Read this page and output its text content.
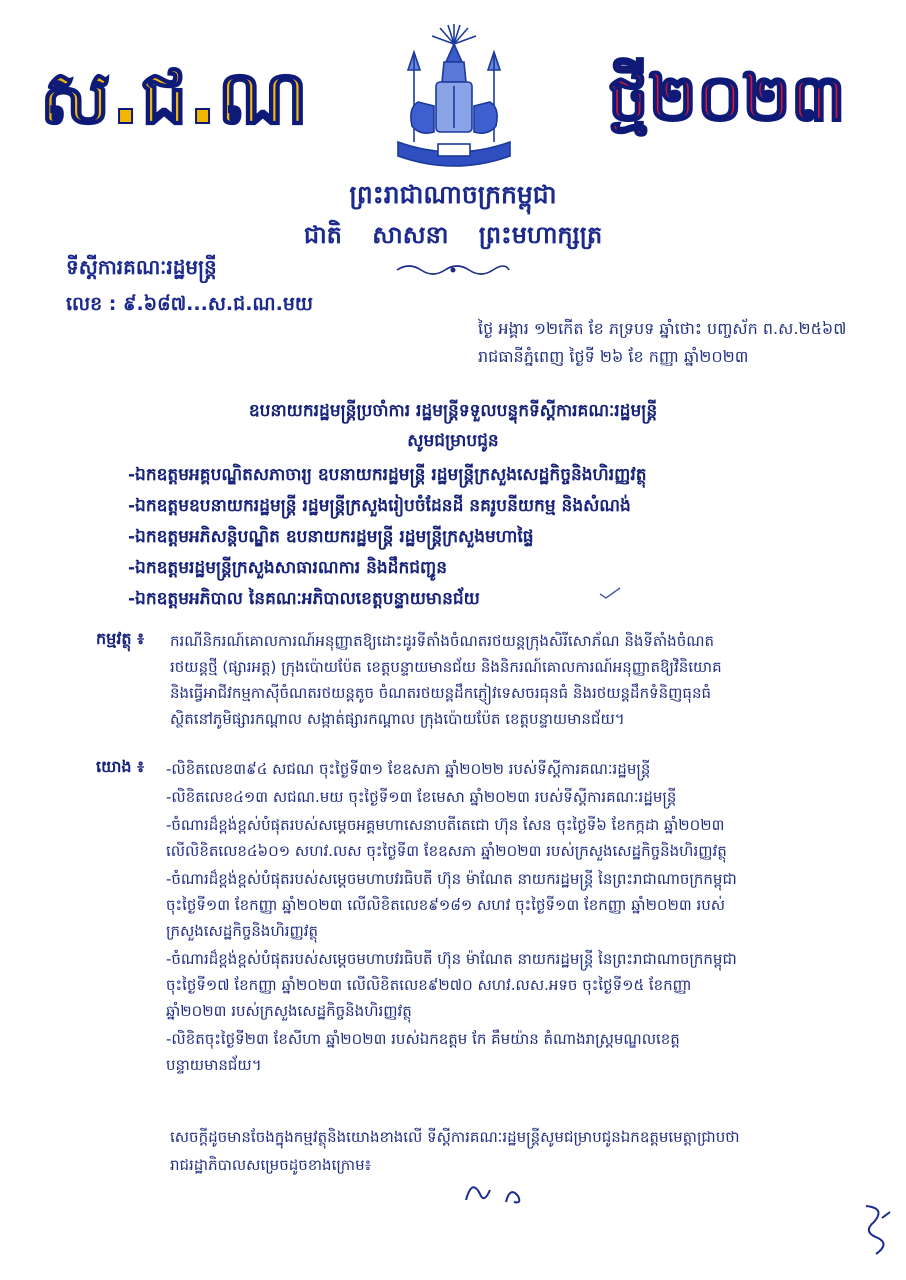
ស.ជ.ណ	ថ្មី២០២៣
ព្រះរាជាណាចក្រកម្ពុជា
ជាតិ សាសនា ព្រះមហាក្សត្រ
ទីស្តីការគណៈរដ្ឋមន្ត្រី
លេខ : ៩.៦៨៧...ស.ជ.ណ.មយ
ថ្ងៃ អង្គារ ១២កើត ខែ ភទ្របទ ឆ្នាំថោះ បញ្ចស័ក ព.ស.២៥៦៧
រាជធានីភ្នំពេញ ថ្ងៃទី ២៦ ខែ កញ្ញា ឆ្នាំ២០២៣
ឧបនាយករដ្ឋមន្ត្រីប្រចាំការ រដ្ឋមន្ត្រីទទួលបន្ទុកទីស្តីការគណៈរដ្ឋមន្ត្រី
សូមជម្រាបជូន
-ឯកឧត្តមអគ្គបណ្ឌិតសភាចារ្យ ឧបនាយករដ្ឋមន្ត្រី រដ្ឋមន្ត្រីក្រសួងសេដ្ឋកិច្ចនិងហិរញ្ញវត្ថុ
-ឯកឧត្តមឧបនាយករដ្ឋមន្ត្រី រដ្ឋមន្ត្រីក្រសួងរៀបចំដែនដី នគរូបនីយកម្ម និងសំណង់
-ឯកឧត្តមអភិសន្តិបណ្ឌិត ឧបនាយករដ្ឋមន្ត្រី រដ្ឋមន្ត្រីក្រសួងមហាផ្ទៃ
-ឯកឧត្តមរដ្ឋមន្ត្រីក្រសួងសាធារណការ និងដឹកជញ្ជូន
-ឯកឧត្តមអភិបាល នៃគណៈអភិបាលខេត្តបន្ទាយមានជ័យ
កម្មវត្ថុ ៖ ករណីនិករណ៍គោលការណ៍អនុញ្ញាតឱ្យដោះដូរទីតាំងចំណតរថយន្តក្រុងសិរីសោភ័ណ និងទីតាំងចំណត
រថយន្តថ្មី (ផ្សារអត្ត) ក្រុងប៉ោយប៉ែត ខេត្តបន្ទាយមានជ័យ និងនិករណ៍គោលការណ៍អនុញ្ញាតឱ្យវិនិយោគ
និងធ្វើអាជីវកម្មកាស៊ីចំណតរថយន្តតូច ចំណតរថយន្តដឹកភ្ញៀវទេសចរធុនធំ និងរថយន្តដឹកទំនិញធុនធំ
ស្ថិតនៅភូមិផ្សារកណ្តាល សង្កាត់ផ្សារកណ្តាល ក្រុងប៉ោយប៉ែត ខេត្តបន្ទាយមានជ័យ។
យោង ៖ -លិខិតលេខ៣៩៤ សជណ ចុះថ្ងៃទី៣១ ខែឧសភា ឆ្នាំ២០២២ របស់ទីស្តីការគណៈរដ្ឋមន្ត្រី
-លិខិតលេខ៤១៣ សជណ.មយ ចុះថ្ងៃទី១៣ ខែមេសា ឆ្នាំ២០២៣ របស់ទីស្តីការគណៈរដ្ឋមន្ត្រី
-ចំណារដ៏ខ្ពង់ខ្ពស់បំផុតរបស់សម្តេចអគ្គមហាសេនាបតីតេជោ ហ៊ុន សែន ចុះថ្ងៃទី៦ ខែកក្កដា ឆ្នាំ២០២៣
លើលិខិតលេខ៤៦០១ សហវ.លស ចុះថ្ងៃទី៣ ខែឧសភា ឆ្នាំ២០២៣ របស់ក្រសួងសេដ្ឋកិច្ចនិងហិរញ្ញវត្ថុ
-ចំណារដ៏ខ្ពង់ខ្ពស់បំផុតរបស់សម្តេចមហាបវរធិបតី ហ៊ុន ម៉ាណែត នាយករដ្ឋមន្ត្រី នៃព្រះរាជាណាចក្រកម្ពុជា
ចុះថ្ងៃទី១៣ ខែកញ្ញា ឆ្នាំ២០២៣ លើលិខិតលេខ៩១៨១ សហវ ចុះថ្ងៃទី១៣ ខែកញ្ញា ឆ្នាំ២០២៣ របស់
ក្រសួងសេដ្ឋកិច្ចនិងហិរញ្ញវត្ថុ
-ចំណារដ៏ខ្ពង់ខ្ពស់បំផុតរបស់សម្តេចមហាបវរធិបតី ហ៊ុន ម៉ាណែត នាយករដ្ឋមន្ត្រី នៃព្រះរាជាណាចក្រកម្ពុជា
ចុះថ្ងៃទី១៧ ខែកញ្ញា ឆ្នាំ២០២៣ លើលិខិតលេខ៩២៧០ សហវ.លស.អទច ចុះថ្ងៃទី១៥ ខែកញ្ញា
ឆ្នាំ២០២៣ របស់ក្រសួងសេដ្ឋកិច្ចនិងហិរញ្ញវត្ថុ
-លិខិតចុះថ្ងៃទី២៣ ខែសីហា ឆ្នាំ២០២៣ របស់ឯកឧត្តម កែ គឹមយ៉ាន តំណាងរាស្ត្រមណ្ឌលខេត្ត
បន្ទាយមានជ័យ។
សេចក្តីដូចមានចែងក្នុងកម្មវត្ថុនិងយោងខាងលើ ទីស្តីការគណៈរដ្ឋមន្ត្រីសូមជម្រាបជូនឯកឧត្តមមេត្តាជ្រាបថា
រាជរដ្ឋាភិបាលសម្រេចដូចខាងក្រោម៖
